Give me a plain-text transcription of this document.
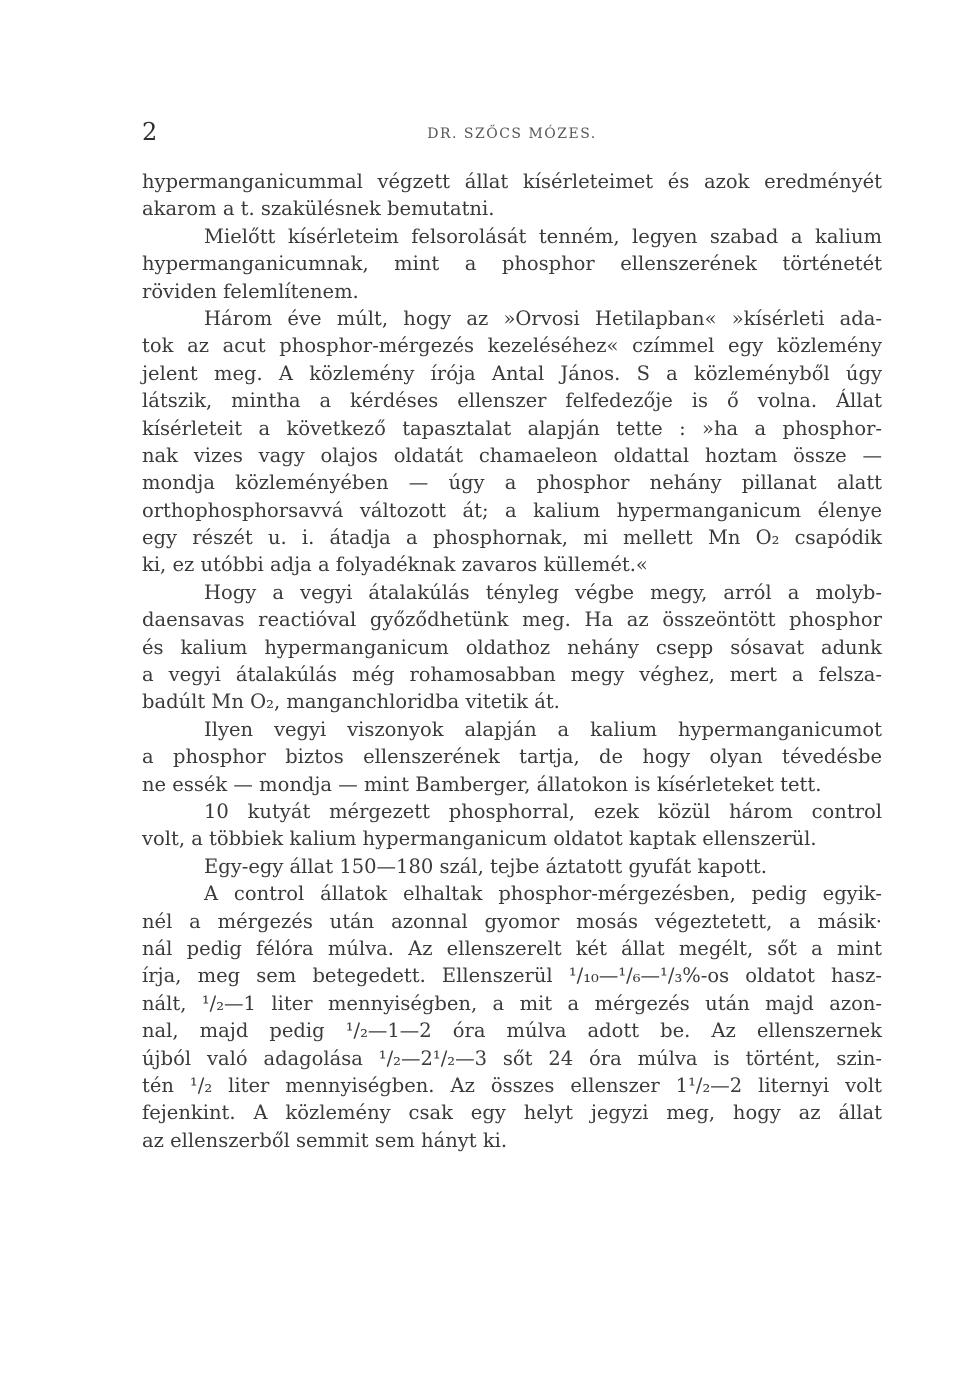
2	DR. SZŐCS MÓZES.
hypermanganicummal végzett állat kísérleteimet és azok eredményét
akarom a t. szakülésnek bemutatni.
Mielőtt kísérleteim felsorolását tenném, legyen szabad a kalium
hypermanganicumnak, mint a phosphor ellenszerének történetét
röviden felemlítenem.
Három éve múlt, hogy az »Orvosi Hetilapban« »kísérleti ada-
tok az acut phosphor-mérgezés kezeléséhez« czímmel egy közlemény
jelent meg. A közlemény írója Antal János. S a közleményből úgy
látszik, mintha a kérdéses ellenszer felfedezője is ő volna. Állat
kísérleteit a következő tapasztalat alapján tette : »ha a phosphor-
nak vizes vagy olajos oldatát chamaeleon oldattal hoztam össze —
mondja közleményében — úgy a phosphor nehány pillanat alatt
orthophosphorsavvá változott át; a kalium hypermanganicum élenye
egy részét u. i. átadja a phosphornak, mi mellett Mn O₂ csapódik
ki, ez utóbbi adja a folyadéknak zavaros küllemét.«
Hogy a vegyi átalakúlás tényleg végbe megy, arról a molyb-
daensavas reactióval győződhetünk meg. Ha az összeöntött phosphor
és kalium hypermanganicum oldathoz nehány csepp sósavat adunk
a vegyi átalakúlás még rohamosabban megy véghez, mert a felsza-
badúlt Mn O₂, manganchloridba vitetik át.
Ilyen vegyi viszonyok alapján a kalium hypermanganicumot
a phosphor biztos ellenszerének tartja, de hogy olyan tévedésbe
ne essék — mondja — mint Bamberger, állatokon is kísérleteket tett.
10 kutyát mérgezett phosphorral, ezek közül három control
volt, a többiek kalium hypermanganicum oldatot kaptak ellenszerül.
Egy-egy állat 150—180 szál, tejbe áztatott gyufát kapott.
A control állatok elhaltak phosphor-mérgezésben, pedig egyik-
nél a mérgezés után azonnal gyomor mosás végeztetett, a másik·
nál pedig félóra múlva. Az ellenszerelt két állat megélt, sőt a mint
írja, meg sem betegedett. Ellenszerül ¹/₁₀—¹/₆—¹/₃%-os oldatot hasz-
nált, ¹/₂—1 liter mennyiségben, a mit a mérgezés után majd azon-
nal, majd pedig ¹/₂—1—2 óra múlva adott be. Az ellenszernek
újból való adagolása ¹/₂—2¹/₂—3 sőt 24 óra múlva is történt, szin-
tén ¹/₂ liter mennyiségben. Az összes ellenszer 1¹/₂—2 liternyi volt
fejenkint. A közlemény csak egy helyt jegyzi meg, hogy az állat
az ellenszerből semmit sem hányt ki.
